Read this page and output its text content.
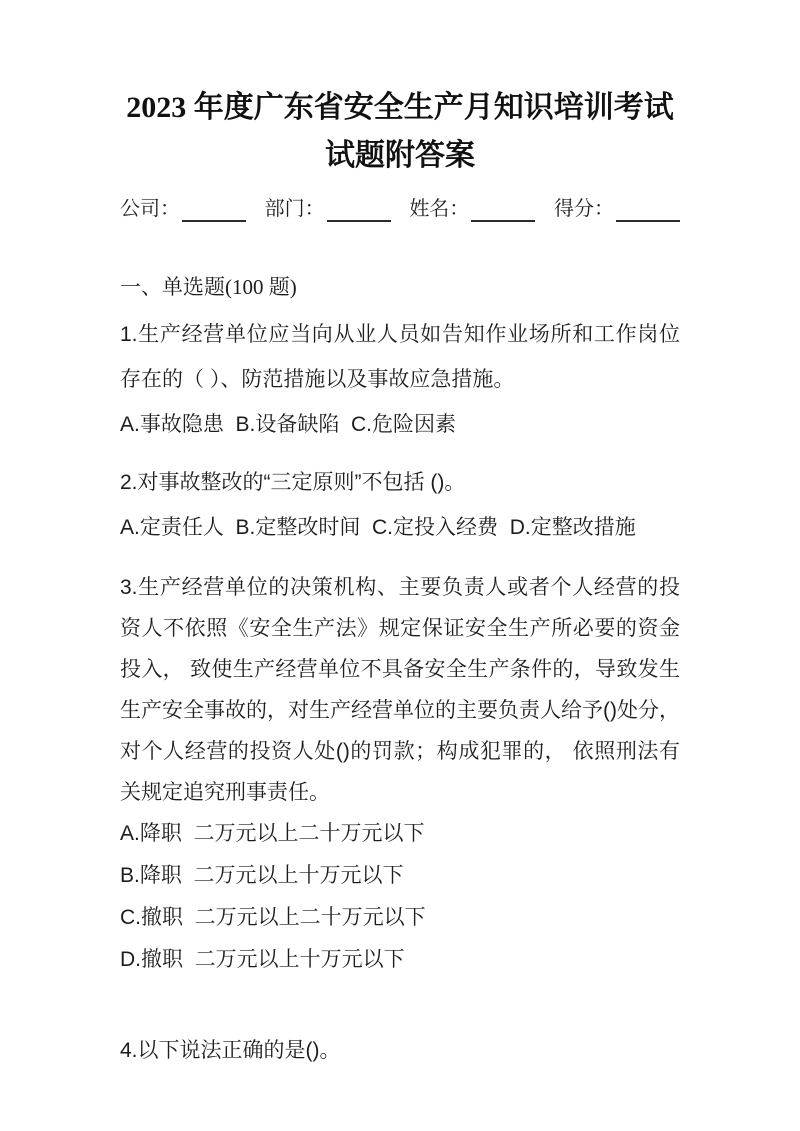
2023 年度广东省安全生产月知识培训考试
试题附答案
公司：	部门：	姓名：	得分：
一、单选题(100 题)

1.生产经营单位应当向从业人员如告知作业场所和工作岗位存在的（ ）、防范措施以及事故应急措施。

A.事故隐患  B.设备缺陷  C.危险因素

2.对事故整改的“三定原则”不包括 ()。

A.定责任人  B.定整改时间  C.定投入经费  D.定整改措施

3.生产经营单位的决策机构、主要负责人或者个人经营的投资人不依照《安全生产法》规定保证安全生产所必要的资金投入， 致使生产经营单位不具备安全生产条件的，导致发生生产安全事故的，对生产经营单位的主要负责人给予()处分，对个人经营的投资人处()的罚款；构成犯罪的， 依照刑法有关规定追究刑事责任。

A.降职  二万元以上二十万元以下

B.降职  二万元以上十万元以下

C.撤职  二万元以上二十万元以下

D.撤职  二万元以上十万元以下

4.以下说法正确的是()。
